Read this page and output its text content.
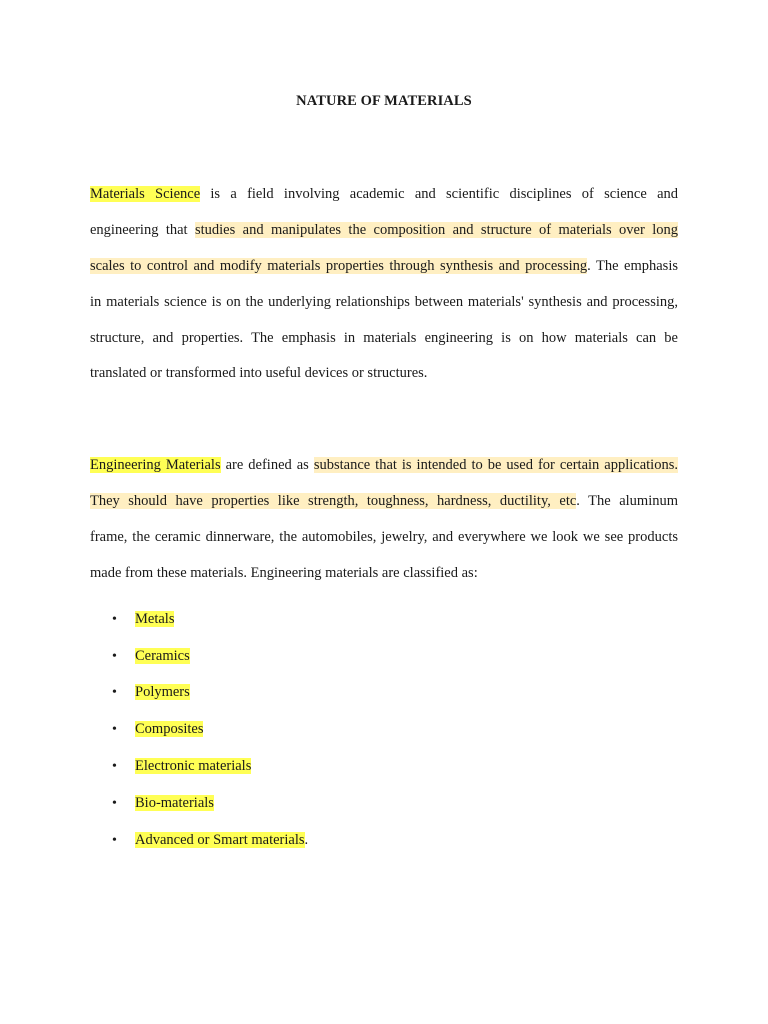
NATURE OF MATERIALS
Materials Science is a field involving academic and scientific disciplines of science and
engineering that studies and manipulates the composition and structure of materials over long
scales to control and modify materials properties through synthesis and processing. The emphasis
in materials science is on the underlying relationships between materials' synthesis and processing,
structure, and properties. The emphasis in materials engineering is on how materials can be
translated or transformed into useful devices or structures.
Engineering Materials are defined as substance that is intended to be used for certain applications.
They should have properties like strength, toughness, hardness, ductility, etc. The aluminum
frame, the ceramic dinnerware, the automobiles, jewelry, and everywhere we look we see products
made from these materials. Engineering materials are classified as:
• Metals
• Ceramics
• Polymers
• Composites
• Electronic materials
• Bio-materials
• Advanced or Smart materials.
